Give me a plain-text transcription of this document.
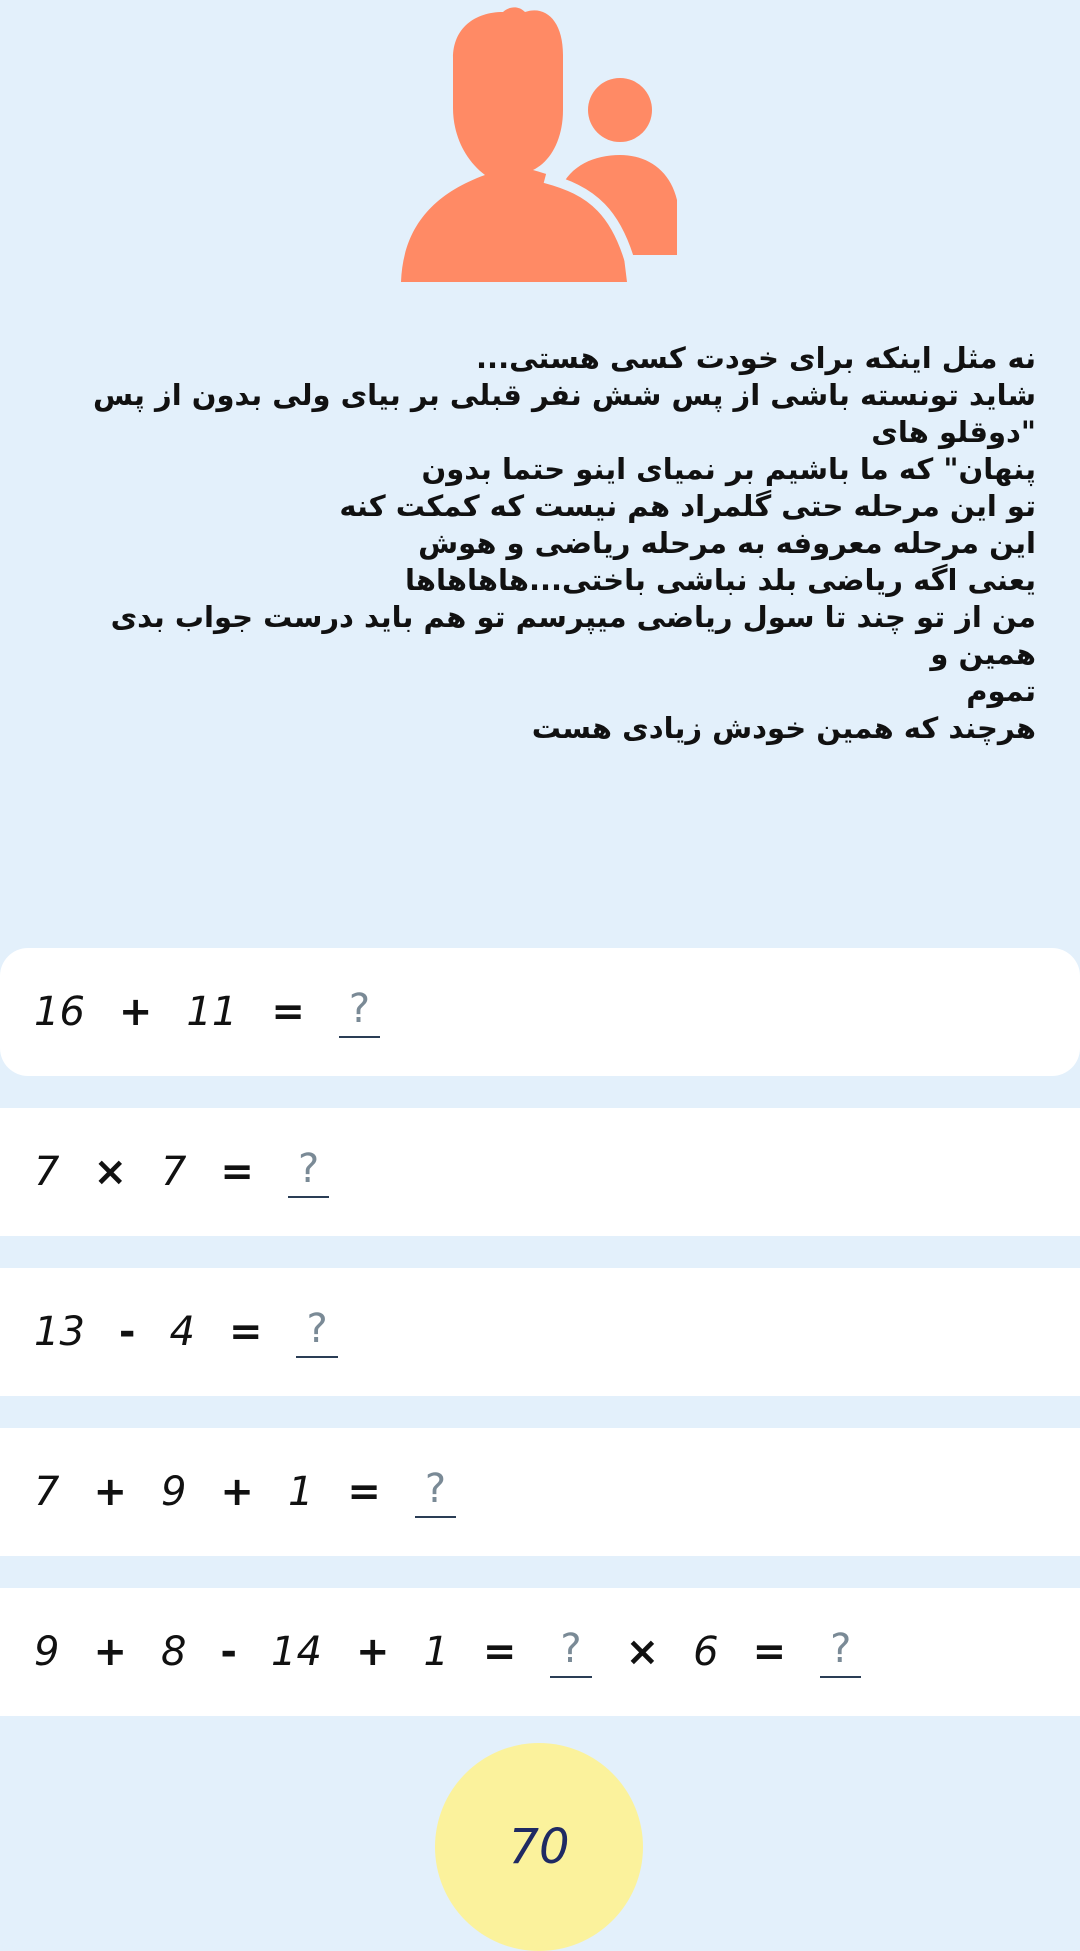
نه مثل اینکه برای خودت کسی هستی...
شاید تونسته باشی از پس شش نفر قبلی بر بیای ولی بدون از پس "دوقلو های
پنهان" که ما باشیم بر نمیای اینو حتما بدون
تو این مرحله حتی گلمراد هم نیست که کمکت کنه
این مرحله معروفه به مرحله ریاضی و هوش
یعنی اگه ریاضی بلد نباشی باختی...هاهاهاها
من از تو چند تا سول ریاضی میپرسم تو هم باید درست جواب بدی همین و
تموم
هرچند که همین خودش زیادی هست
16 + 11 = ?
7 × 7 = ?
13 - 4 = ?
7 + 9 + 1 = ?
9 + 8 - 14 + 1 = ? × 6 = ?
70
